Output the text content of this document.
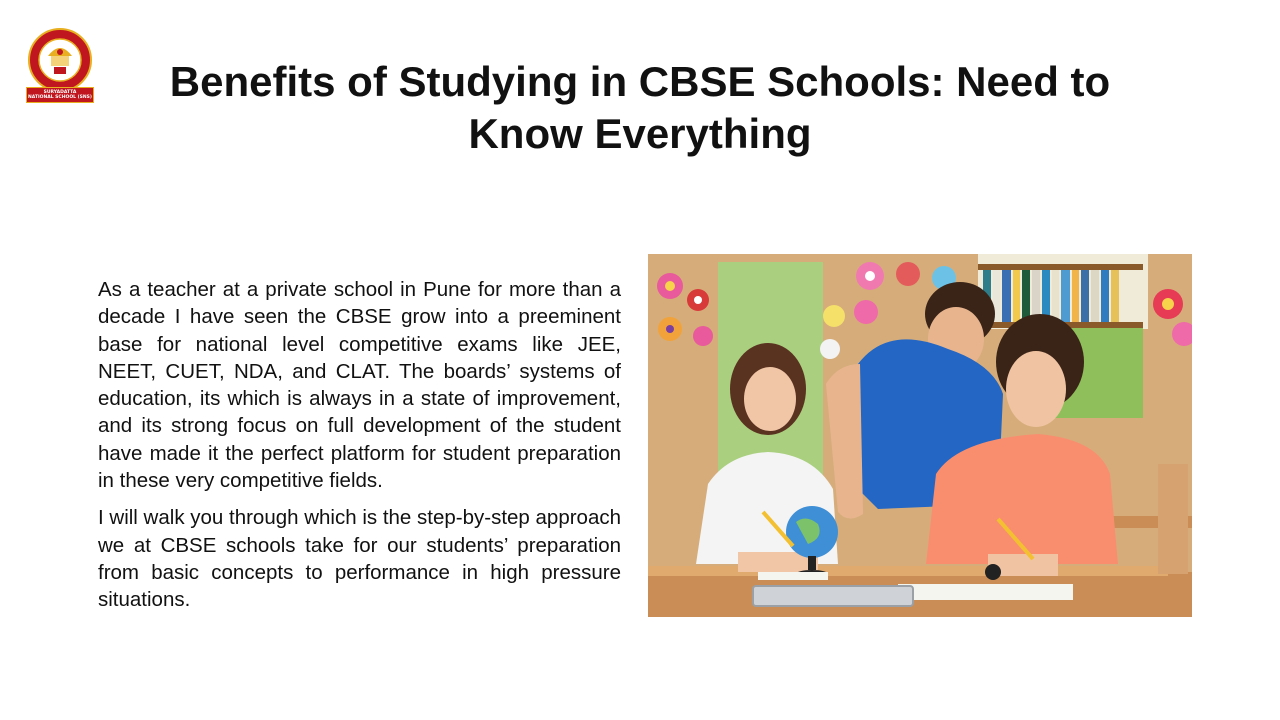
SURYADATTA
NATIONAL SCHOOL (SNS)	Benefits of Studying in CBSE Schools: Need to Know Everything

As a teacher at a private school in Pune for more than a decade I have seen the CBSE grow into a preeminent base for national level competitive exams like JEE, NEET, CUET, NDA, and CLAT. The boards’ systems of education, its which is always in a state of improvement, and its strong focus on full development of the student have made it the perfect platform for student preparation in these very competitive fields.

I will walk you through which is the step-by-step approach we at CBSE schools take for our students’ preparation from basic concepts to performance in high pressure situations.
